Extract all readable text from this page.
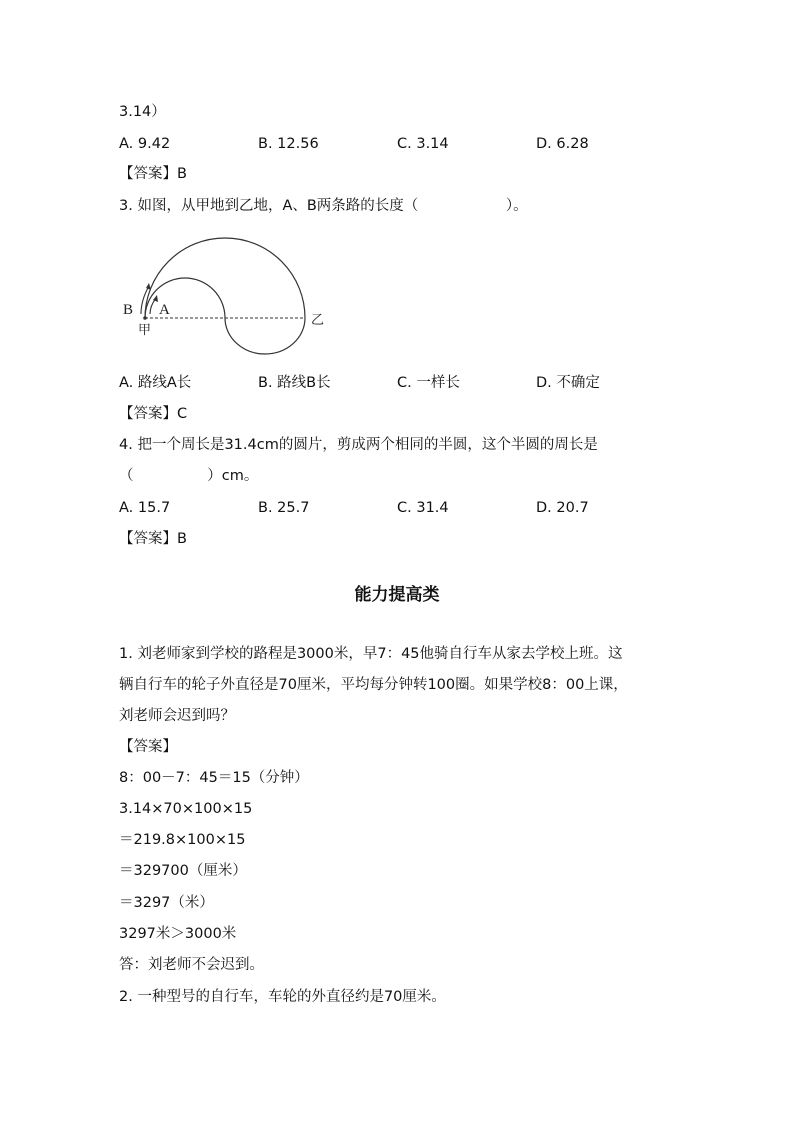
3.14）
A. 9.42	B. 12.56	C. 3.14	D. 6.28
【答案】B
3. 如图，从甲地到乙地，A、B两条路的长度（                   ）。
B A
甲
乙
A. 路线A长	B. 路线B长	C. 一样长	D. 不确定
【答案】C
4. 把一个周长是31.4cm的圆片，剪成两个相同的半圆，这个半圆的周长是
（                ）cm。
A. 15.7	B. 25.7	C. 31.4	D. 20.7
【答案】B
能力提高类
1. 刘老师家到学校的路程是3000米，早7：45他骑自行车从家去学校上班。这
辆自行车的轮子外直径是70厘米，平均每分钟转100圈。如果学校8：00上课，
刘老师会迟到吗？
【答案】
8：00－7：45＝15（分钟）
3.14×70×100×15
＝219.8×100×15
＝329700（厘米）
＝3297（米）
3297米＞3000米
答：刘老师不会迟到。
2. 一种型号的自行车，车轮的外直径约是70厘米。
